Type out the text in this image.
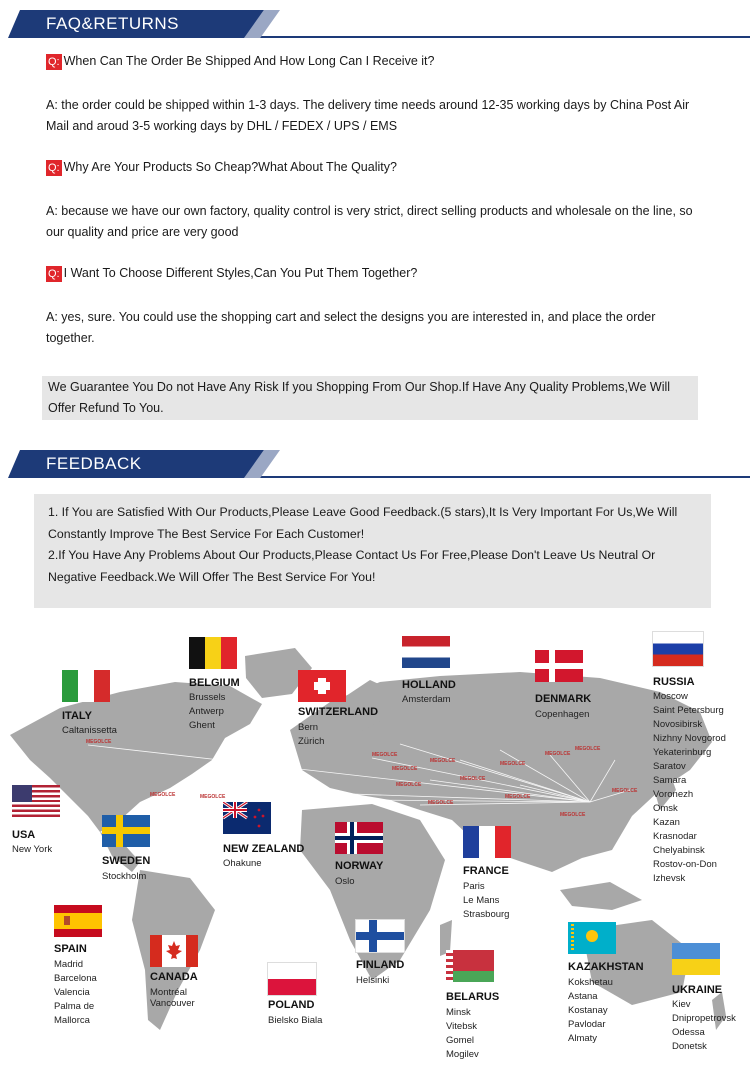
FAQ&RETURNS
Q: When Can The Order Be Shipped And How Long Can I Receive it?
A: the order could be shipped within 1-3 days. The delivery time needs around 12-35 working days by China Post Air Mail and aroud 3-5 working days by DHL / FEDEX / UPS / EMS
Q: Why Are Your Products So Cheap?What About The Quality?
A: because we have our own factory, quality control is very strict, direct selling products and wholesale on the line, so our quality and price are very good
Q: I Want To Choose Different Styles,Can You Put Them Together?
A: yes, sure. You could use the shopping cart and select the designs you are interested in, and place the order together.
We Guarantee You Do not Have Any Risk If you Shopping From Our Shop.If Have Any Quality Problems,We Will Offer Refund To You.
FEEDBACK
1. If You are Satisfied With Our Products,Please Leave Good Feedback.(5 stars),It Is Very Important For Us,We Will Constantly Improve The Best Service For Each Customer!
2.If You Have Any Problems About Our Products,Please Contact Us For Free,Please Don't Leave Us Neutral Or Negative Feedback.We Will Offer The Best Service For You!
MEGOLCE
MEGOLCE	MEGOLCE
MEGOLCE
MEGOLCE
MEGOLCE
MEGOLCE
MEGOLCE
MEGOLCE
MEGOLCE
MEGOLCE
MEGOLCE
MEGOLCE
MEGOLCE
MEGOLCE
ITALY
Caltanissetta
BELGIUM
Brussels
Antwerp
Ghent
SWITZERLAND
Bern
Zürich
HOLLAND
Amsterdam	DENMARK
Copenhagen
RUSSIA
Moscow
Saint Petersburg
Novosibirsk
Nizhny Novgorod
Yekaterinburg
Saratov
Samara
Voronezh
Omsk
Kazan
Krasnodar
Chelyabinsk
Rostov-on-Don
Izhevsk
USA
New York
SWEDEN
Stockholm
NEW ZEALAND
Ohakune	NORWAY
Oslo
FRANCE
Paris
Le Mans
Strasbourg
SPAIN
Madrid
Barcelona
Valencia
Palma de
Mallorca
CANADA
Montréal
Vancouver	POLAND
Bielsko Biala
FINLAND
Helsinki
BELARUS
Minsk
Vitebsk
Gomel
Mogilev
KAZAKHSTAN
Kokshetau
Astana
Kostanay
Pavlodar
Almaty
UKRAINE
Kiev
Dnipropetrovsk
Odessa
Donetsk
